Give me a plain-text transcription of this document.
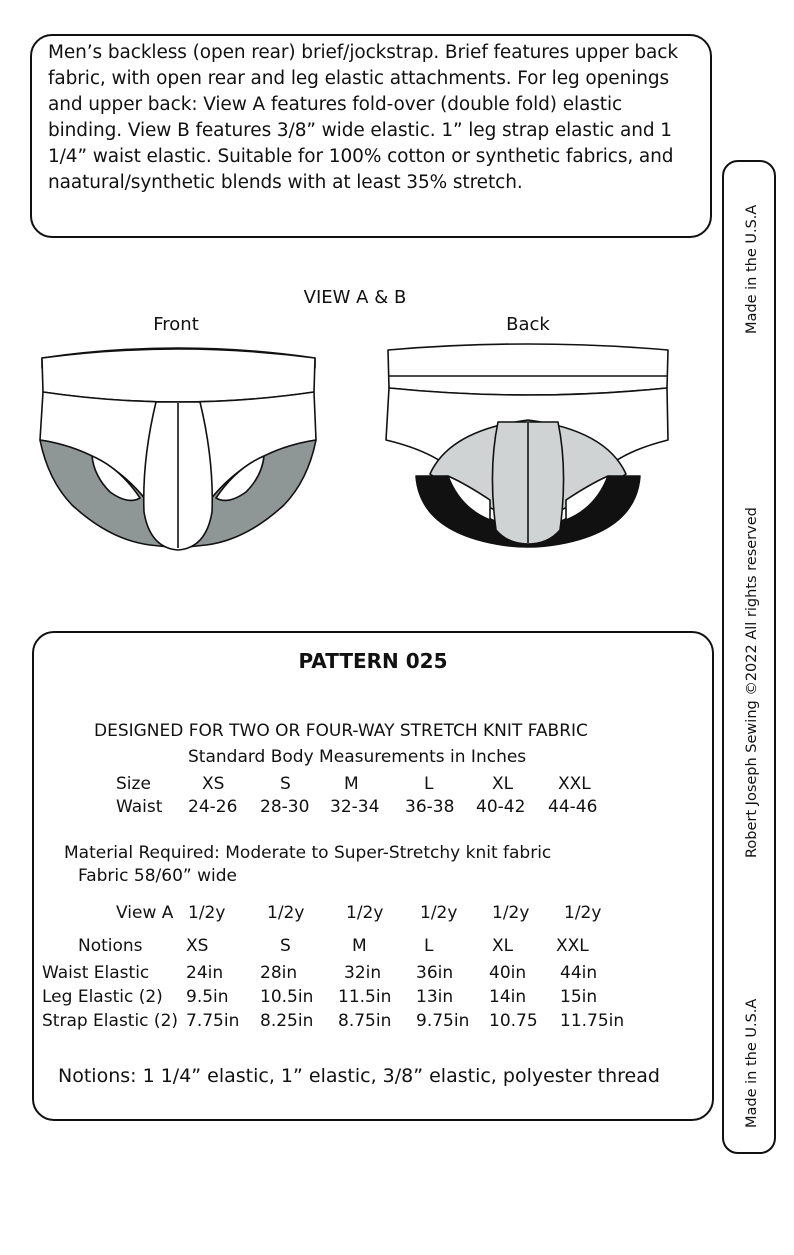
Men’s backless (open rear) brief/jockstrap. Brief features upper back fabric, with open rear and leg elastic attachments. For leg openings and upper back: View A features fold-over (double fold) elastic binding. View B features 3/8” wide elastic. 1” leg strap elastic and 1 1/4” waist elastic. Suitable for 100% cotton or synthetic fabrics, and naatural/synthetic blends with at least 35% stretch.

Made in the U.S.A
Robert Joseph Sewing ©2022 All rights reserved
Made in the U.S.A
VIEW A & B
Front	Back
PATTERN 025
DESIGNED FOR TWO OR FOUR-WAY STRETCH KNIT FABRIC
Standard Body Measurements in Inches
Size	XS	S	M	L	XL	XXL
Waist 24-26 28-30 32-34 36-38 40-42 44-46
Material Required: Moderate to Super-Stretchy knit fabric
Fabric 58/60” wide
View A 1/2y 1/2y 1/2y 1/2y 1/2y 1/2y
Notions	XS	S	M	L	XL	XXL
Waist Elastic 24in 28in	32in 36in 40in 44in
Leg Elastic (2) 9.5in 10.5in 11.5in 13in 14in 15in
Strap Elastic (2) 7.75in 8.25in 8.75in 9.75in 10.75 11.75in
Notions: 1 1/4” elastic, 1” elastic, 3/8” elastic, polyester thread
